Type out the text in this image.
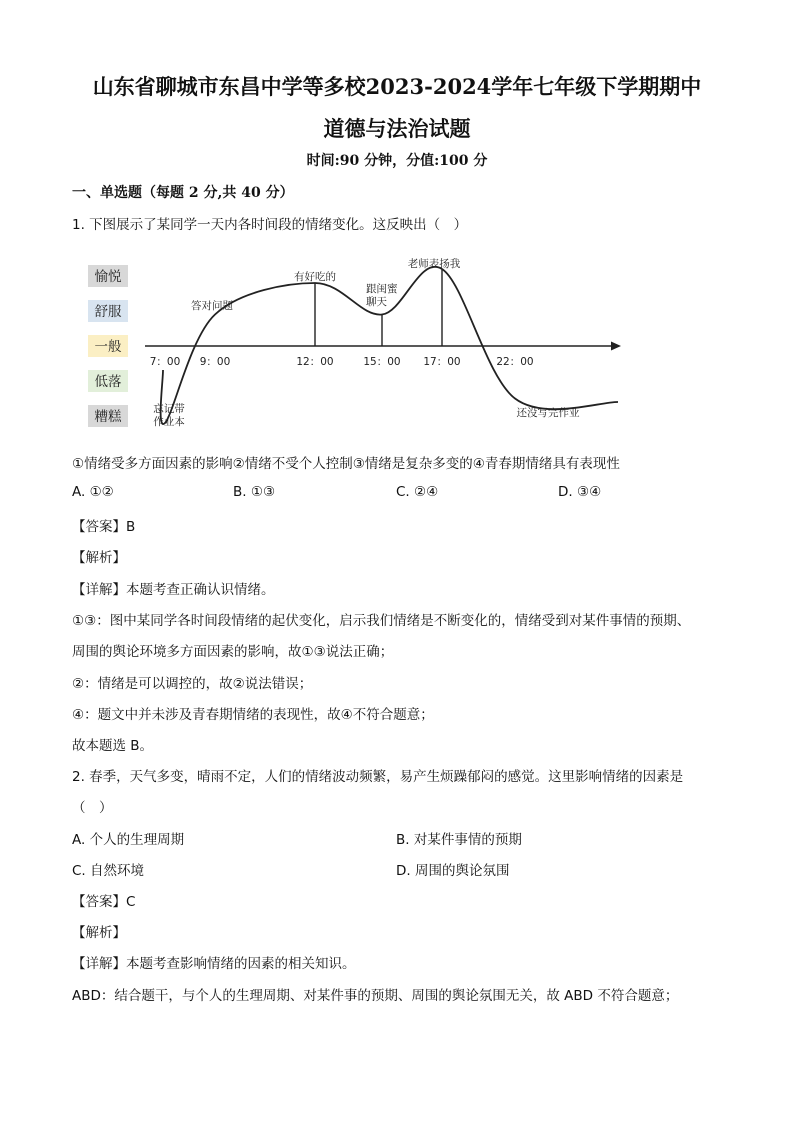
山东省聊城市东昌中学等多校2023-2024学年七年级下学期期中
道德与法治试题
时间:90 分钟，分值:100 分
一、单选题（每题 2 分,共 40 分）
1. 下图展示了某同学一天内各时间段的情绪变化。这反映出（　）
愉悦
舒服
一般
低落
糟糕
7：00 9：00	12：00	15：00 17：00	22：00
忘记带作业本
答对问题
有好吃的
跟闺蜜聊天
老师表扬我
还没写完作业
①情绪受多方面因素的影响②情绪不受个人控制③情绪是复杂多变的④青春期情绪具有表现性
A. ①②	B. ①③	C. ②④	D. ③④
【答案】B
【解析】
【详解】本题考查正确认识情绪。
①③：图中某同学各时间段情绪的起伏变化，启示我们情绪是不断变化的，情绪受到对某件事情的预期、
周围的舆论环境多方面因素的影响，故①③说法正确；
②：情绪是可以调控的，故②说法错误；
④：题文中并未涉及青春期情绪的表现性，故④不符合题意；
故本题选 B。
2. 春季，天气多变，晴雨不定，人们的情绪波动频繁，易产生烦躁郁闷的感觉。这里影响情绪的因素是
（　）
A. 个人的生理周期	B. 对某件事情的预期
C. 自然环境	D. 周围的舆论氛围
【答案】C
【解析】
【详解】本题考查影响情绪的因素的相关知识。
ABD：结合题干，与个人的生理周期、对某件事的预期、周围的舆论氛围无关，故 ABD 不符合题意；
